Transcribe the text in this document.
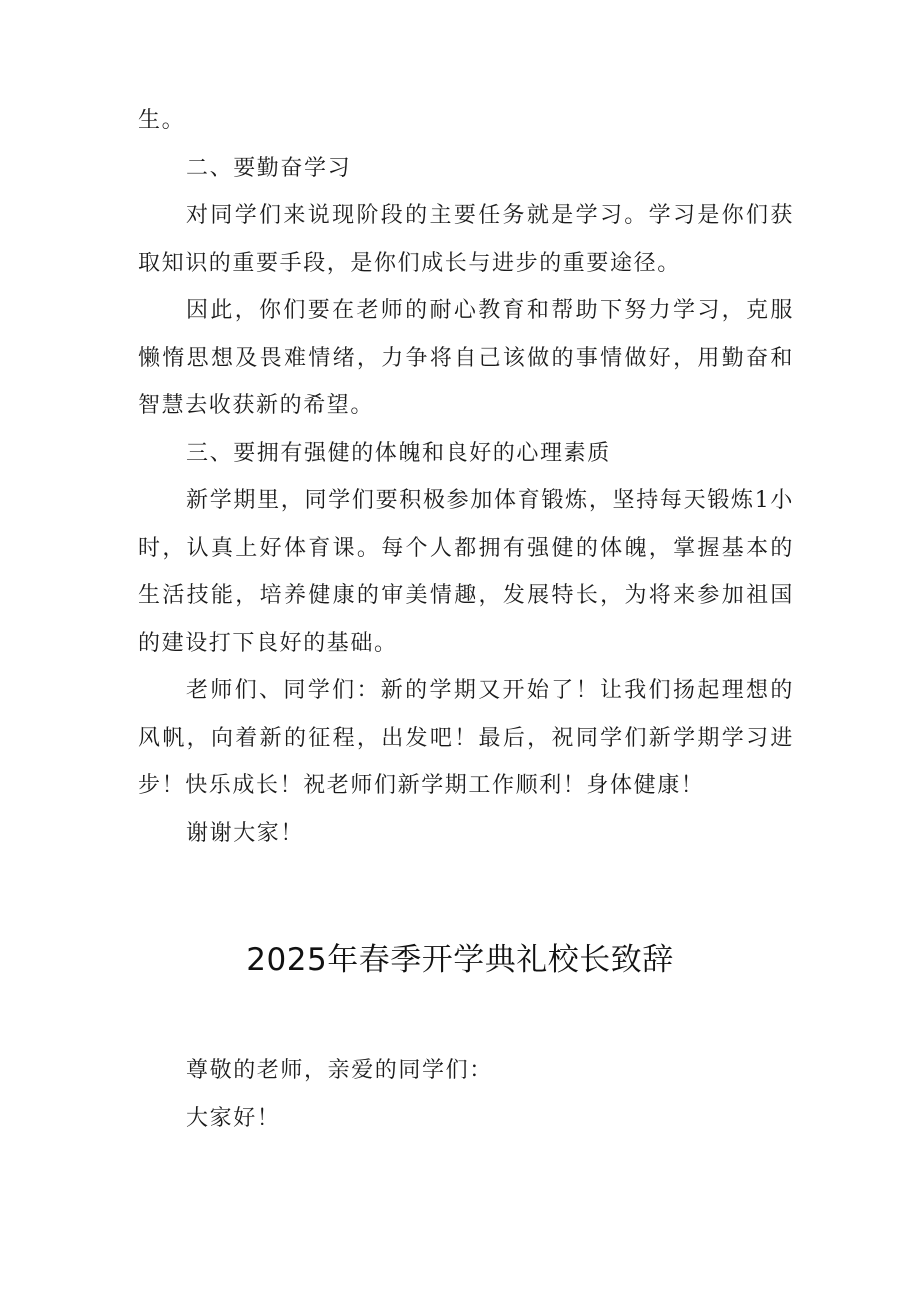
生。

二、要勤奋学习

对同学们来说现阶段的主要任务就是学习。学习是你们获取知识的重要手段，是你们成长与进步的重要途径。

因此，你们要在老师的耐心教育和帮助下努力学习，克服懒惰思想及畏难情绪，力争将自己该做的事情做好，用勤奋和智慧去收获新的希望。

三、要拥有强健的体魄和良好的心理素质

新学期里，同学们要积极参加体育锻炼，坚持每天锻炼1小时，认真上好体育课。每个人都拥有强健的体魄，掌握基本的生活技能，培养健康的审美情趣，发展特长，为将来参加祖国的建设打下良好的基础。

老师们、同学们：新的学期又开始了！让我们扬起理想的风帆，向着新的征程，出发吧！最后，祝同学们新学期学习进步！快乐成长！祝老师们新学期工作顺利！身体健康！

谢谢大家！

2025年春季开学典礼校长致辞

尊敬的老师，亲爱的同学们：

大家好！
